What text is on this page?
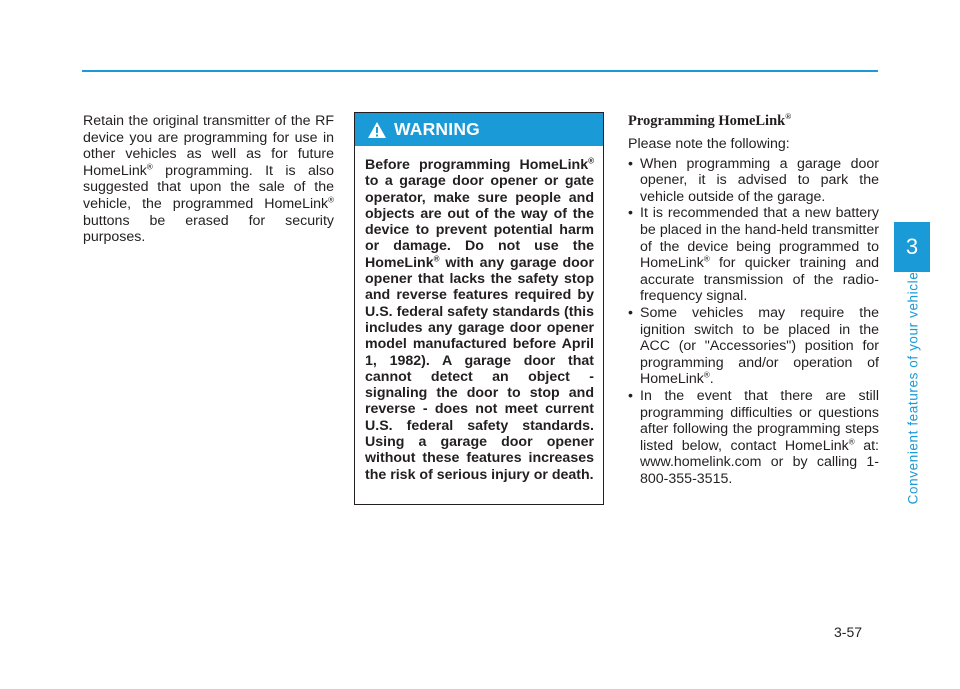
Retain the original transmitter of the RF device you are programming for use in other vehicles as well as for future HomeLink® programming. It is also suggested that upon the sale of the vehicle, the programmed HomeLink® buttons be erased for security purposes.

WARNING
Before programming HomeLink® to a garage door opener or gate operator, make sure people and objects are out of the way of the device to prevent potential harm or damage. Do not use the HomeLink® with any garage door opener that lacks the safety stop and reverse features required by U.S. federal safety standards (this includes any garage door opener model manufactured before April 1, 1982). A garage door that cannot detect an object - signaling the door to stop and reverse - does not meet current U.S. federal safety standards. Using a garage door opener without these features increases the risk of serious injury or death.
Programming HomeLink®

Please note the following:

• When programming a garage door opener, it is advised to park the vehicle outside of the garage.
• It is recommended that a new battery be placed in the hand-held transmitter of the device being programmed to HomeLink® for quicker training and accurate transmission of the radio-frequency signal.
• Some vehicles may require the ignition switch to be placed in the ACC (or "Accessories") position for programming and/or operation of HomeLink®.
• In the event that there are still programming difficulties or questions after following the programming steps listed below, contact HomeLink® at: www.homelink.com or by calling 1-800-355-3515.
3
Convenient features of your vehicle
3-57
